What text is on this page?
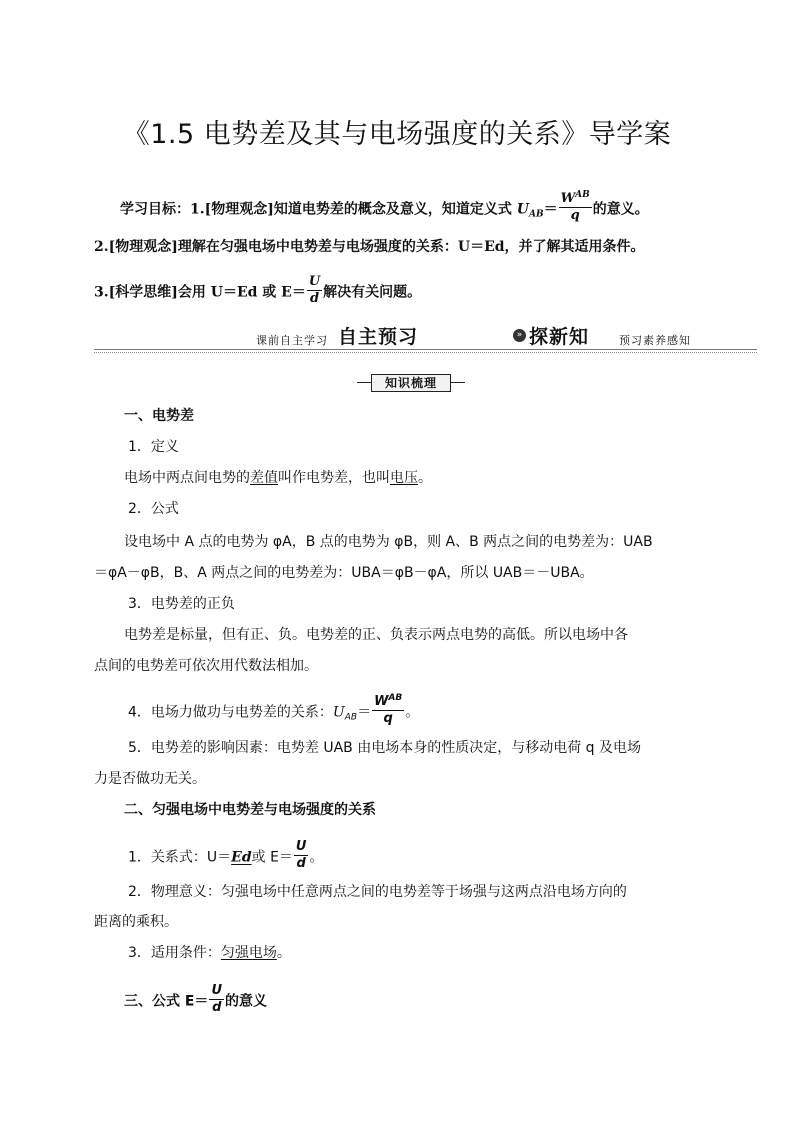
《1.5 电势差及其与电场强度的关系》导学案
学习目标：1.[物理观念]知道电势差的概念及意义，知道定义式 $U_{AB}= \frac{W^{AB}}{q}$ 的意义。
2.[物理观念]理解在匀强电场中电势差与电场强度的关系：U＝Ed，并了解其适用条件。
3.[科学思维]会用 U＝Ed 或 $E= \frac{U}{d}$ 解决有关问题。
课前自主学习 自主预习	» 探新知	预习素养感知
知识梳理
一、电势差
1．定义
电场中两点间电势的差值叫作电势差，也叫电压。
2．公式
设电场中 A 点的电势为 φA，B 点的电势为 φB，则 A、B 两点之间的电势差为：UAB
＝φA－φB，B、A 两点之间的电势差为：UBA＝φB－φA，所以 UAB＝－UBA。
3．电势差的正负
电势差是标量，但有正、负。电势差的正、负表示两点电势的高低。所以电场中各
点间的电势差可依次用代数法相加。
4．电场力做功与电势差的关系：$U_{AB}= \frac{W^{AB}}{q}$ 。
5．电势差的影响因素：电势差 UAB 由电场本身的性质决定，与移动电荷 q 及电场
力是否做功无关。
二、匀强电场中电势差与电场强度的关系
1．关系式：U＝Ed或 $E= \frac{U}{d}$ 。
2．物理意义：匀强电场中任意两点之间的电势差等于场强与这两点沿电场方向的
距离的乘积。
3．适用条件：匀强电场。
三、公式 $E= \frac{U}{d}$ 的意义
